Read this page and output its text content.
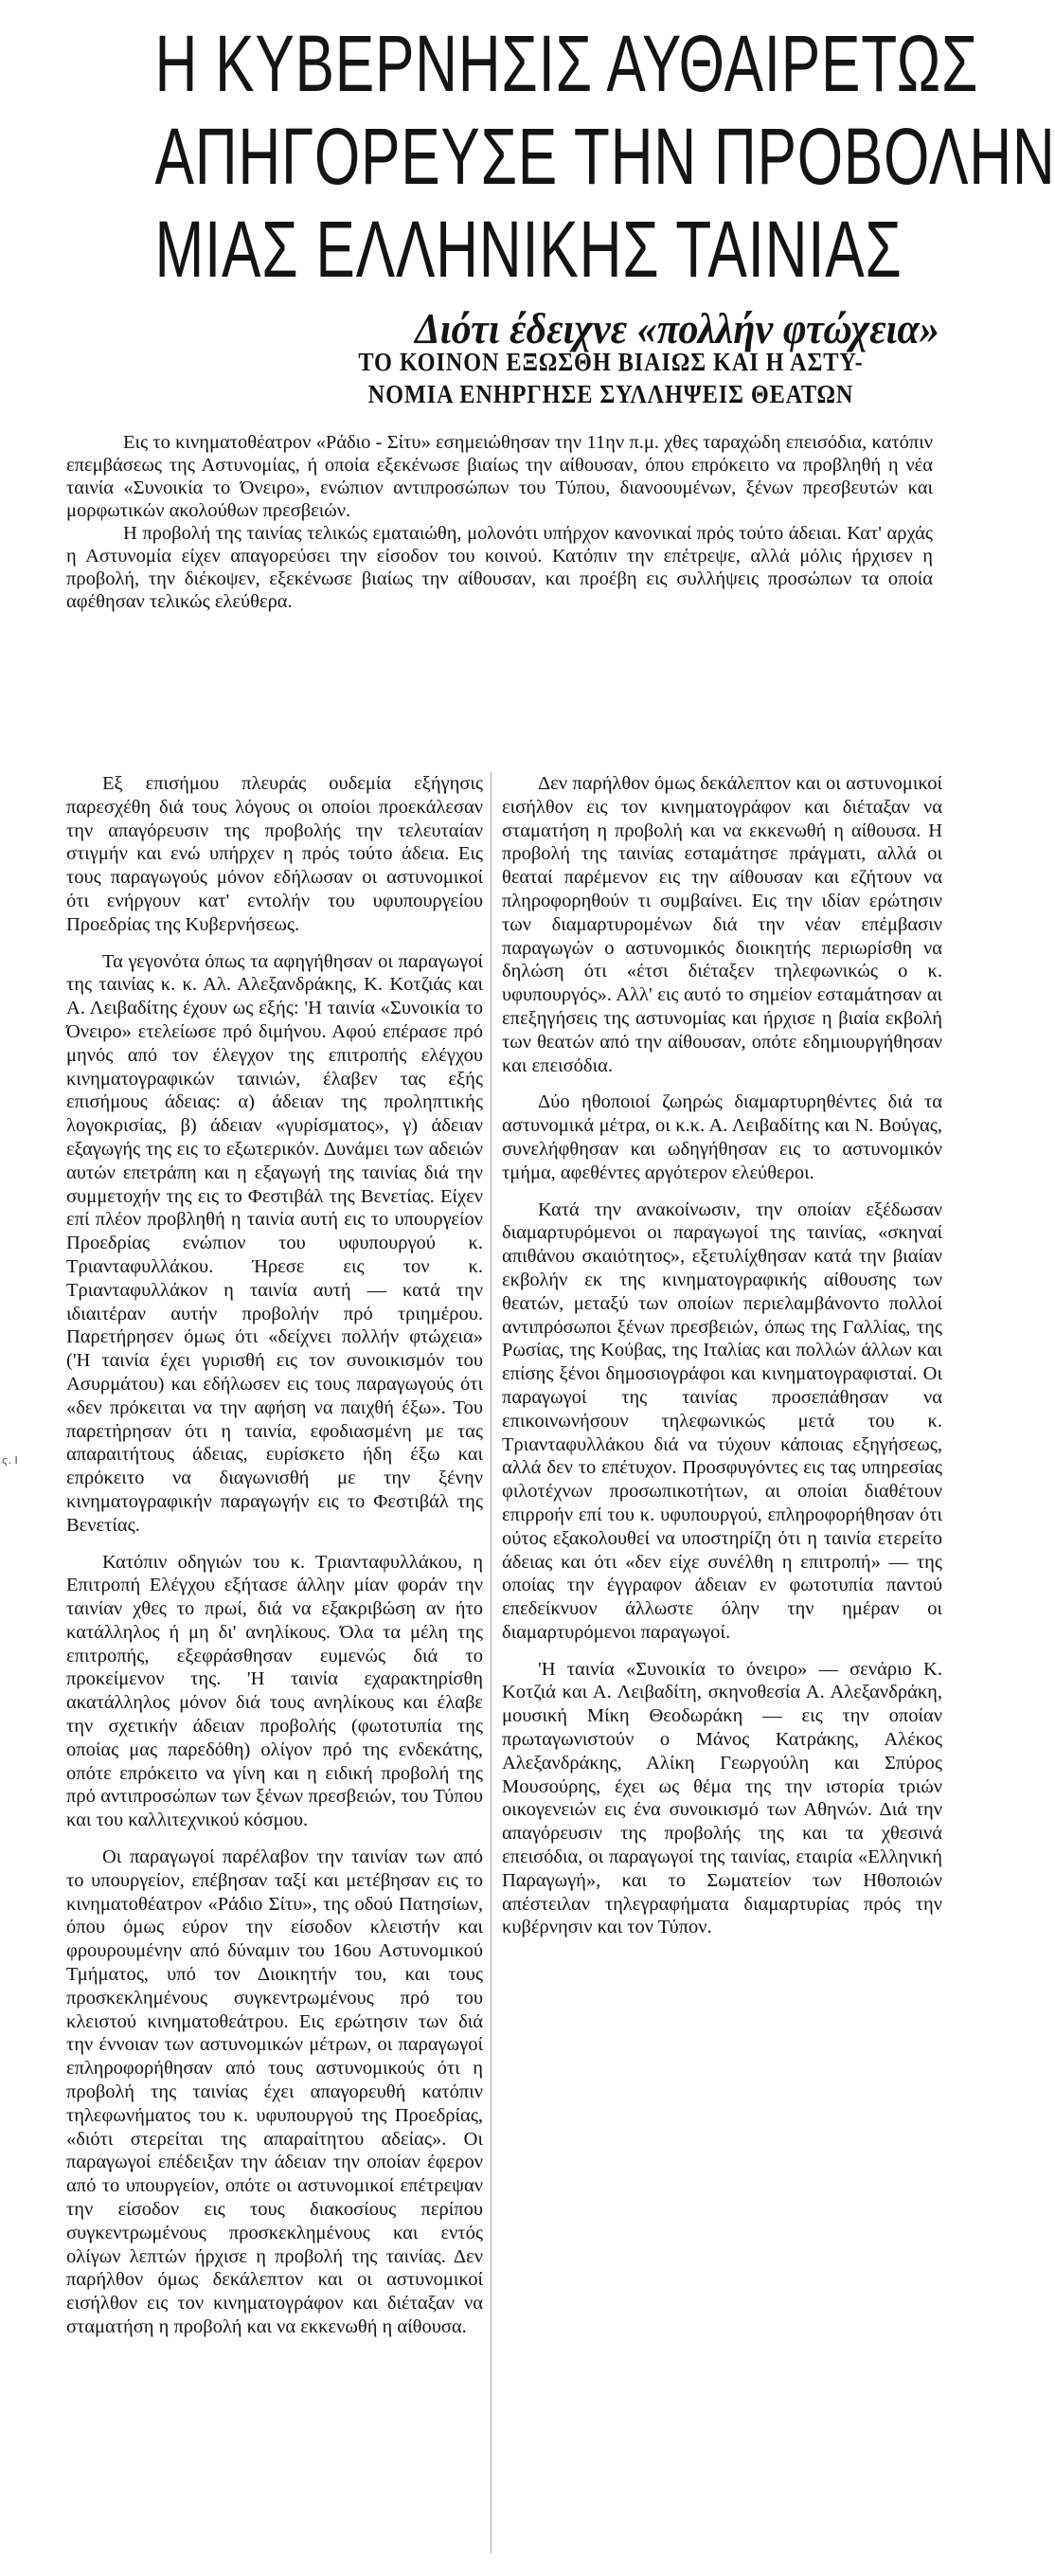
Η ΚΥΒΕΡΝΗΣΙΣ ΑΥΘΑΙΡΕΤΩΣ
ΑΠΗΓΟΡΕΥΣΕ ΤΗΝ ΠΡΟΒΟΛΗΝ
ΜΙΑΣ ΕΛΛΗΝΙΚΗΣ ΤΑΙΝΙΑΣ
Διότι έδειχνε «πολλήν φτώχεια»
ΤΟ ΚΟΙΝΟΝ ΕΞΩΣΘΗ ΒΙΑΙΩΣ ΚΑΙ Η ΑΣΤΥ-
ΝΟΜΙΑ ΕΝΗΡΓΗΣΕ ΣΥΛΛΗΨΕΙΣ ΘΕΑΤΩΝ

Εις το κινηματοθέατρον «Ράδιο - Σίτυ» εσημειώθησαν την 11ην π.μ. χθες ταραχώδη επεισόδια, κατόπιν επεμβάσεως της Αστυνομίας, ή οποία εξεκένωσε βιαίως την αίθουσαν, όπου επρόκειτο να προβληθή η νέα ταινία «Συνοικία το Όνειρο», ενώπιον αντιπροσώπων του Τύπου, διανοουμένων, ξένων πρεσβευτών και μορφωτικών ακολούθων πρεσβειών.

Η προβολή της ταινίας τελικώς εματαιώθη, μολονότι υπήρχον κανονικαί πρός τούτο άδειαι. Κατ' αρχάς η Αστυνομία είχεν απαγορεύσει την είσοδον του κοινού. Κατόπιν την επέτρεψε, αλλά μόλις ήρχισεν η προβολή, την διέκοψεν, εξεκένωσε βιαίως την αίθουσαν, και προέβη εις συλλήψεις προσώπων τα οποία αφέθησαν τελικώς ελεύθερα.

ς. Ι

Εξ επισήμου πλευράς ουδεμία εξήγησις παρεσχέθη διά τους λόγους οι οποίοι προεκάλεσαν την απαγόρευσιν της προβολής την τελευταίαν στιγμήν και ενώ υπήρχεν η πρός τούτο άδεια. Εις τους παραγωγούς μόνον εδήλωσαν οι αστυνομικοί ότι ενήργουν κατ' εντολήν του υφυπουργείου Προεδρίας της Κυβερνήσεως.

Τα γεγονότα όπως τα αφηγήθησαν οι παραγωγοί της ταινίας κ. κ. Αλ. Αλεξανδράκης, Κ. Κοτζιάς και Α. Λειβαδίτης έχουν ως εξής: 'Η ταινία «Συνοικία το Όνειρο» ετελείωσε πρό διμήνου. Αφού επέρασε πρό μηνός από τον έλεγχον της επιτροπής ελέγχου κινηματογραφικών ταινιών, έλαβεν τας εξής επισήμους άδειας: α) άδειαν της προληπτικής λογοκρισίας, β) άδειαν «γυρίσματος», γ) άδειαν εξαγωγής της εις το εξωτερικόν. Δυνάμει των αδειών αυτών επετράπη και η εξαγωγή της ταινίας διά την συμμετοχήν της εις το Φεστιβάλ της Βενετίας. Είχεν επί πλέον προβληθή η ταινία αυτή εις το υπουργείον Προεδρίας ενώπιον του υφυπουργού κ. Τριανταφυλλάκου. Ήρεσε εις τον κ. Τριανταφυλλάκον η ταινία αυτή — κατά την ιδιαιτέραν αυτήν προβολήν πρό τριημέρου. Παρετήρησεν όμως ότι «δείχνει πολλήν φτώχεια» ('Η ταινία έχει γυρισθή εις τον συνοικισμόν του Ασυρμάτου) και εδήλωσεν εις τους παραγωγούς ότι «δεν πρόκειται να την αφήση να παιχθή έξω». Του παρετήρησαν ότι η ταινία, εφοδιασμένη με τας απαραιτήτους άδειας, ευρίσκετο ήδη έξω και επρόκειτο να διαγωνισθή με την ξένην κινηματογραφικήν παραγωγήν εις το Φεστιβάλ της Βενετίας.

Κατόπιν οδηγιών του κ. Τριανταφυλλάκου, η Επιτροπή Ελέγχου εξήτασε άλλην μίαν φοράν την ταινίαν χθες το πρωί, διά να εξακριβώση αν ήτο κατάλληλος ή μη δι' ανηλίκους. Όλα τα μέλη της επιτροπής, εξεφράσθησαν ευμενώς διά το προκείμενον της. 'Η ταινία εχαρακτηρίσθη ακατάλληλος μόνον διά τους ανηλίκους και έλαβε την σχετικήν άδειαν προβολής (φωτοτυπία της οποίας μας παρεδόθη) ολίγον πρό της ενδεκάτης, οπότε επρόκειτο να γίνη και η ειδική προβολή της πρό αντιπροσώπων των ξένων πρεσβειών, του Τύπου και του καλλιτεχνικού κόσμου.

Οι παραγωγοί παρέλαβον την ταινίαν των από το υπουργείον, επέβησαν ταξί και μετέβησαν εις το κινηματοθέατρον «Ράδιο Σίτυ», της οδού Πατησίων, όπου όμως εύρον την είσοδον κλειστήν και φρουρουμένην από δύναμιν του 16ου Αστυνομικού Τμήματος, υπό τον Διοικητήν του, και τους προσκεκλημένους συγκεντρωμένους πρό του κλειστού κινηματοθεάτρου. Εις ερώτησιν των διά την έννοιαν των αστυνομικών μέτρων, οι παραγωγοί επληροφορήθησαν από τους αστυνομικούς ότι η προβολή της ταινίας έχει απαγορευθή κατόπιν τηλεφωνήματος του κ. υφυπουργού της Προεδρίας, «διότι στερείται της απαραίτητου αδείας». Οι παραγωγοί επέδειξαν την άδειαν την οποίαν έφερον από το υπουργείον, οπότε οι αστυνομικοί επέτρεψαν την είσοδον εις τους διακοσίους περίπου συγκεντρωμένους προσκεκλημένους και εντός ολίγων λεπτών ήρχισε η προβολή της ταινίας. Δεν παρήλθον όμως δεκάλεπτον και οι αστυνομικοί εισήλθον εις τον κινηματογράφον και διέταξαν να σταματήση η προβολή και να εκκενωθή η αίθουσα.

Δεν παρήλθον όμως δεκάλεπτον και οι αστυνομικοί εισήλθον εις τον κινηματογράφον και διέταξαν να σταματήση η προβολή και να εκκενωθή η αίθουσα. Η προβολή της ταινίας εσταμάτησε πράγματι, αλλά οι θεαταί παρέμενον εις την αίθουσαν και εζήτουν να πληροφορηθούν τι συμβαίνει. Εις την ιδίαν ερώτησιν των διαμαρτυρομένων διά την νέαν επέμβασιν παραγωγών ο αστυνομικός διοικητής περιωρίσθη να δηλώση ότι «έτσι διέταξεν τηλεφωνικώς ο κ. υφυπουργός». Αλλ' εις αυτό το σημείον εσταμάτησαν αι επεξηγήσεις της αστυνομίας και ήρχισε η βιαία εκβολή των θεατών από την αίθουσαν, οπότε εδημιουργήθησαν και επεισόδια.

Δύο ηθοποιοί ζωηρώς διαμαρτυρηθέντες διά τα αστυνομικά μέτρα, οι κ.κ. Α. Λειβαδίτης και Ν. Βούγας, συνελήφθησαν και ωδηγήθησαν εις το αστυνομικόν τμήμα, αφεθέντες αργότερον ελεύθεροι.

Κατά την ανακοίνωσιν, την οποίαν εξέδωσαν διαμαρτυρόμενοι οι παραγωγοί της ταινίας, «σκηναί απιθάνου σκαιότητος», εξετυλίχθησαν κατά την βιαίαν εκβολήν εκ της κινηματογραφικής αίθουσης των θεατών, μεταξύ των οποίων περιελαμβάνοντο πολλοί αντιπρόσωποι ξένων πρεσβειών, όπως της Γαλλίας, της Ρωσίας, της Κούβας, της Ιταλίας και πολλών άλλων και επίσης ξένοι δημοσιογράφοι και κινηματογραφισταί. Οι παραγωγοί της ταινίας προσεπάθησαν να επικοινωνήσουν τηλεφωνικώς μετά του κ. Τριανταφυλλάκου διά να τύχουν κάποιας εξηγήσεως, αλλά δεν το επέτυχον. Προσφυγόντες εις τας υπηρεσίας φιλοτέχνων προσωπικοτήτων, αι οποίαι διαθέτουν επιρροήν επί του κ. υφυπουργού, επληροφορήθησαν ότι ούτος εξακολουθεί να υποστηρίζη ότι η ταινία ετερείτο άδειας και ότι «δεν είχε συνέλθη η επιτροπή» — της οποίας την έγγραφον άδειαν εν φωτοτυπία παντού επεδείκνυον άλλωστε όλην την ημέραν οι διαμαρτυρόμενοι παραγωγοί.

'Η ταινία «Συνοικία το όνειρο» — σενάριο Κ. Κοτζιά και Α. Λειβαδίτη, σκηνοθεσία Α. Αλεξανδράκη, μουσική Μίκη Θεοδωράκη — εις την οποίαν πρωταγωνιστούν ο Μάνος Κατράκης, Αλέκος Αλεξανδράκης, Αλίκη Γεωργούλη και Σπύρος Μουσούρης, έχει ως θέμα της την ιστορία τριών οικογενειών εις ένα συνοικισμό των Αθηνών. Διά την απαγόρευσιν της προβολής της και τα χθεσινά επεισόδια, οι παραγωγοί της ταινίας, εταιρία «Ελληνική Παραγωγή», και το Σωματείον των Ηθοποιών απέστειλαν τηλεγραφήματα διαμαρτυρίας πρός την κυβέρνησιν και τον Τύπον.
